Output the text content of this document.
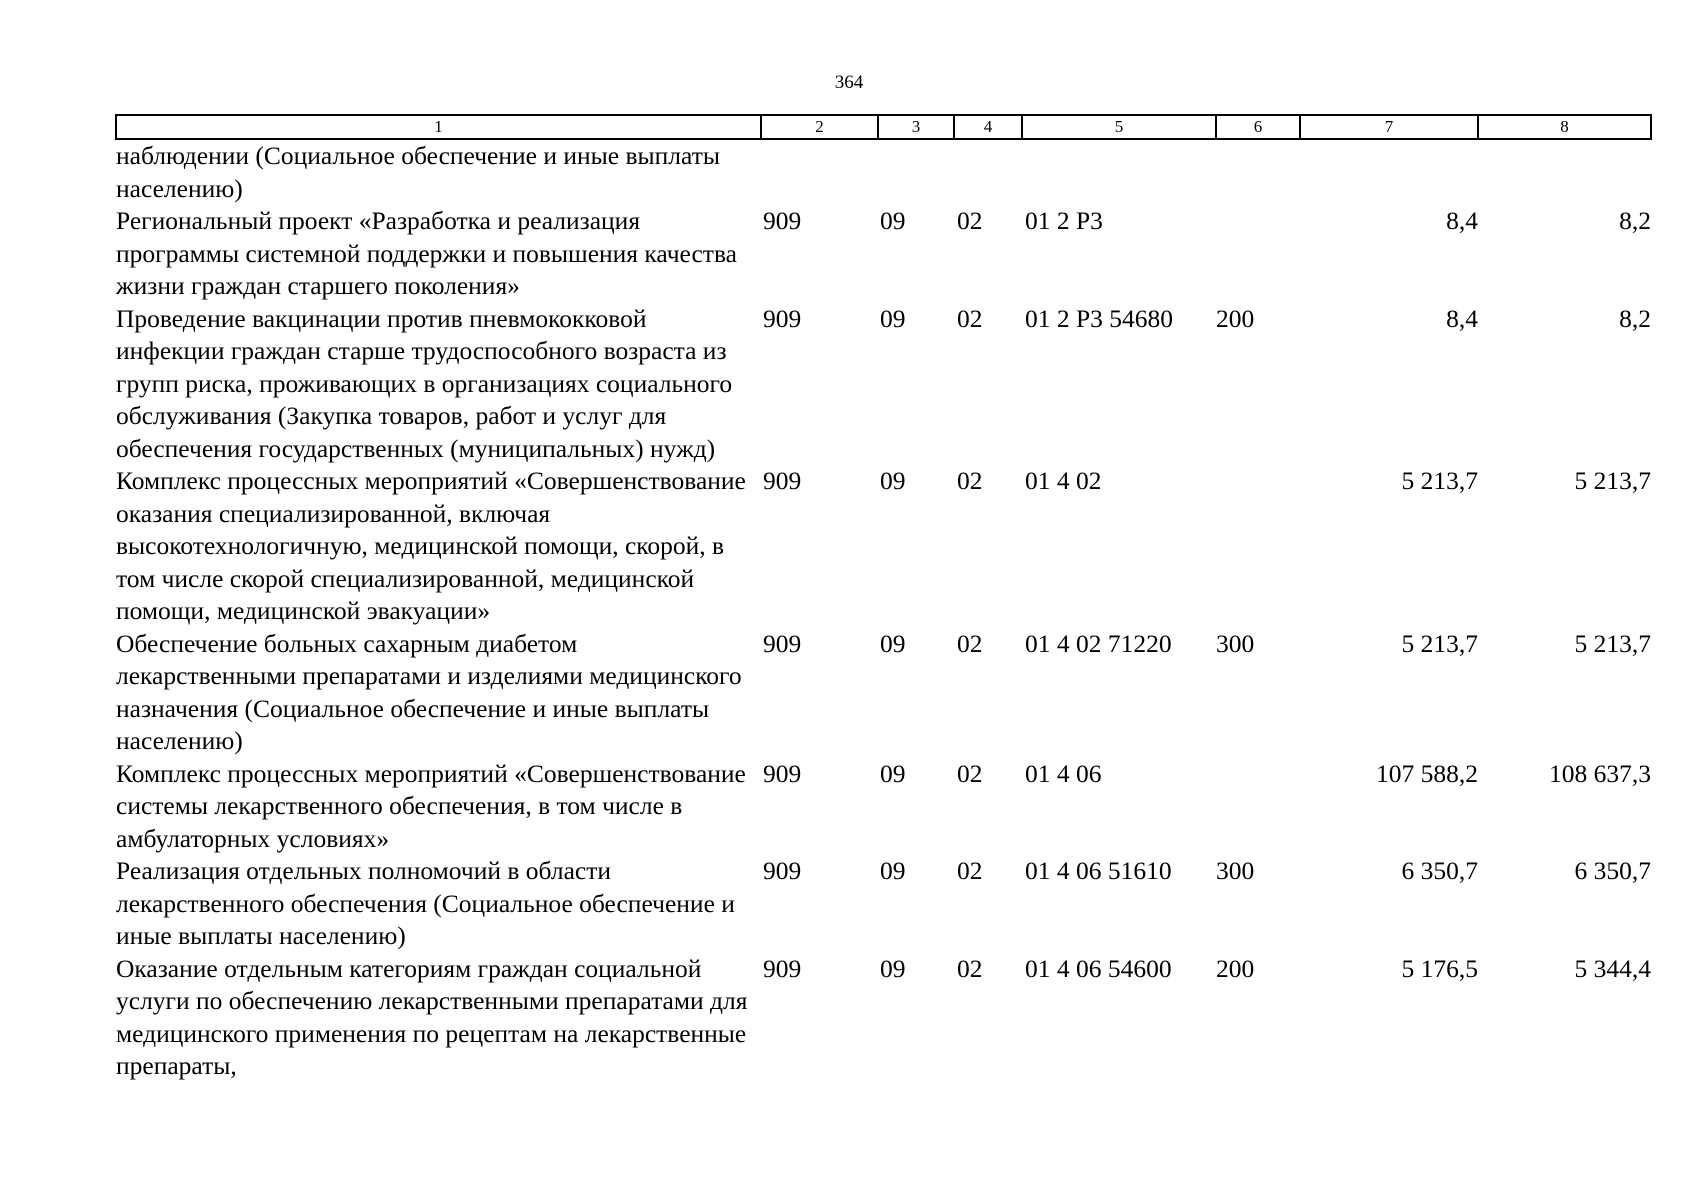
364
1	2	3	4	5	6	7	8
наблюдении (Социальное обеспечение и иные выплаты населению)							
Региональный проект «Разработка и реализация программы системной поддержки и повышения качества жизни граждан старшего поколения»	909	09	02	01 2 P3		8,4	8,2
Проведение вакцинации против пневмококковой инфекции граждан старше трудоспособного возраста из групп риска, проживающих в организациях социального обслуживания (Закупка товаров, работ и услуг для обеспечения государственных (муниципальных) нужд)	909	09	02	01 2 P3 54680	200	8,4	8,2
Комплекс процессных мероприятий «Совершенствование оказания специализированной, включая высокотехнологичную, медицинской помощи, скорой, в том числе скорой специализированной, медицинской помощи, медицинской эвакуации»	909	09	02	01 4 02		5 213,7	5 213,7
Обеспечение больных сахарным диабетом лекарственными препаратами и изделиями медицинского назначения (Социальное обеспечение и иные выплаты населению)	909	09	02	01 4 02 71220	300	5 213,7	5 213,7
Комплекс процессных мероприятий «Совершенствование системы лекарственного обеспечения, в том числе в амбулаторных условиях»	909	09	02	01 4 06		107 588,2	108 637,3
Реализация отдельных полномочий в области лекарственного обеспечения (Социальное обеспечение и иные выплаты населению)	909	09	02	01 4 06 51610	300	6 350,7	6 350,7
Оказание отдельным категориям граждан социальной услуги по обеспечению лекарственными препаратами для медицинского применения по рецептам на лекарственные препараты,	909	09	02	01 4 06 54600	200	5 176,5	5 344,4
